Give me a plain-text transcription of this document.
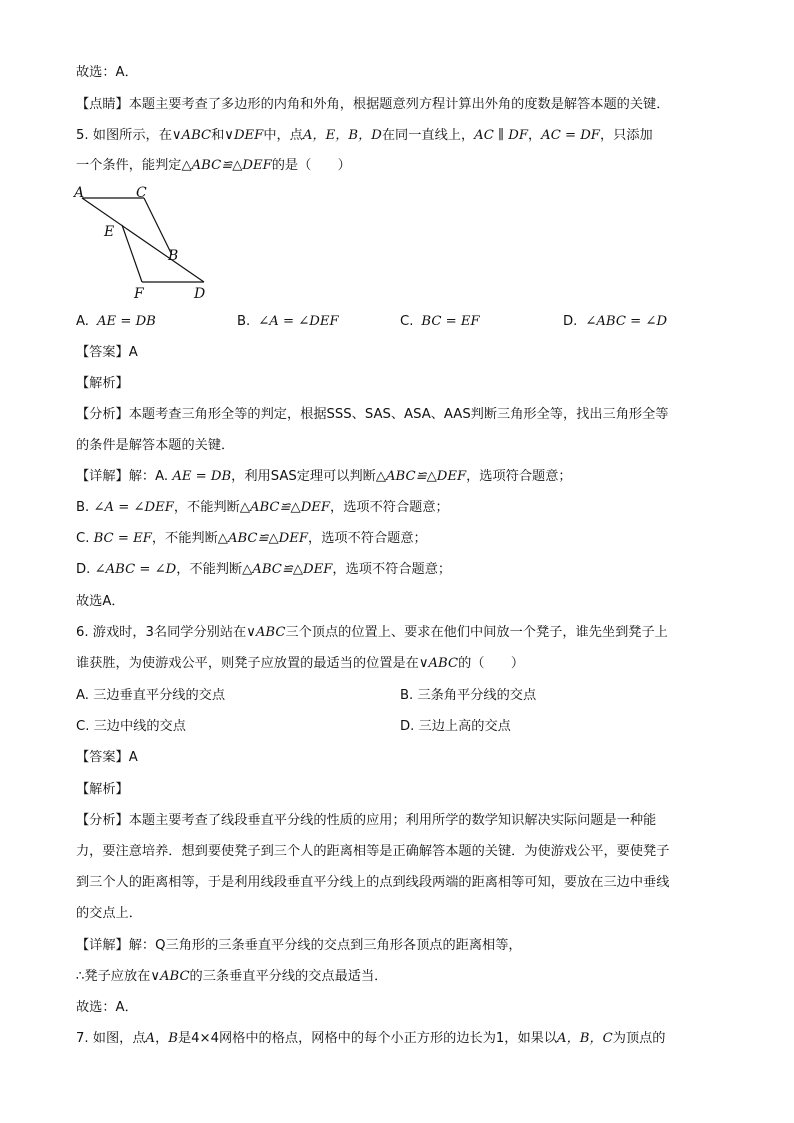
故选：A．
【点睛】本题主要考查了多边形的内角和外角，根据题意列方程计算出外角的度数是解答本题的关键．
5. 如图所示，在∨ABC和∨DEF中，点A，E，B，D在同一直线上，AC ∥ DF，AC = DF，只添加
一个条件，能判定△ABC≌△DEF的是（　　）
A	C
E
B
F	D
A. AE = DB	B. ∠A = ∠DEF	C. BC = EF	D. ∠ABC = ∠D
【答案】A
【解析】
【分析】本题考查三角形全等的判定，根据SSS、SAS、ASA、AAS判断三角形全等，找出三角形全等
的条件是解答本题的关键．
【详解】解：A. AE = DB，利用SAS定理可以判断△ABC≌△DEF，选项符合题意；
B. ∠A = ∠DEF，不能判断△ABC≌△DEF，选项不符合题意；
C. BC = EF，不能判断△ABC≌△DEF，选项不符合题意；
D. ∠ABC = ∠D，不能判断△ABC≌△DEF，选项不符合题意；
故选A．
6. 游戏时，3名同学分别站在∨ABC三个顶点的位置上、要求在他们中间放一个凳子，谁先坐到凳子上
谁获胜，为使游戏公平，则凳子应放置的最适当的位置是在∨ABC的（　　）
A. 三边垂直平分线的交点	B. 三条角平分线的交点
C. 三边中线的交点	D. 三边上高的交点
【答案】A
【解析】
【分析】本题主要考查了线段垂直平分线的性质的应用；利用所学的数学知识解决实际问题是一种能
力，要注意培养．想到要使凳子到三个人的距离相等是正确解答本题的关键．为使游戏公平，要使凳子
到三个人的距离相等，于是利用线段垂直平分线上的点到线段两端的距离相等可知，要放在三边中垂线
的交点上．
【详解】解：Q三角形的三条垂直平分线的交点到三角形各顶点的距离相等，
∴凳子应放在∨ABC的三条垂直平分线的交点最适当．
故选：A．
7. 如图，点A，B是4×4网格中的格点，网格中的每个小正方形的边长为1，如果以A，B，C为顶点的
